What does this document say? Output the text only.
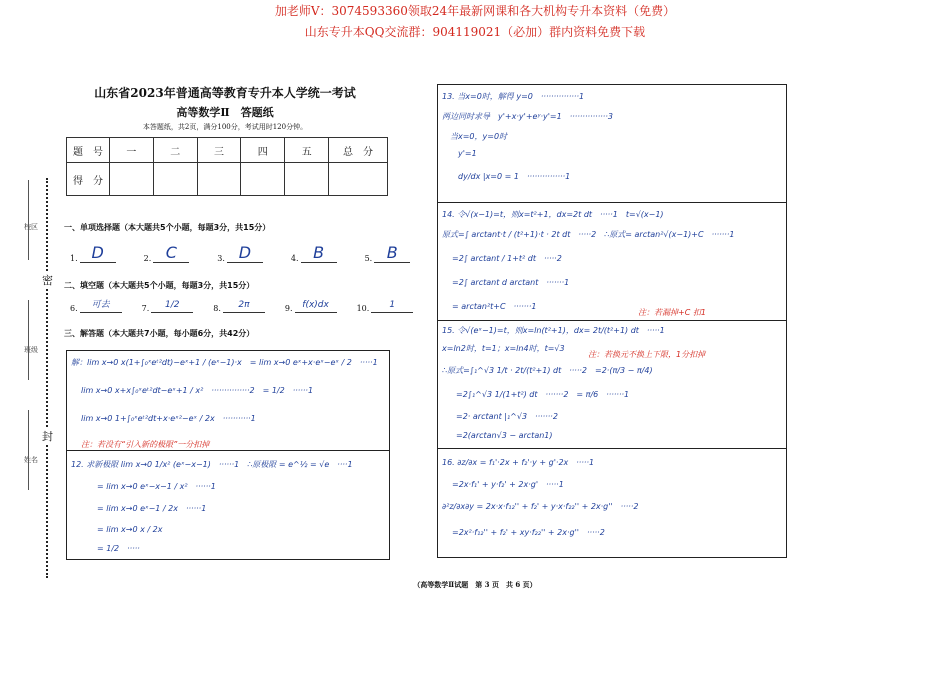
加老师V：3074593360领取24年最新网课和各大机构专升本资料（免费）
山东专升本QQ交流群：904119021（必加）群内资料免费下载
校区
班级
姓名
密
封
山东省2023年普通高等教育专升本人学统一考试
高等数学Ⅱ　答题纸
本答题纸，共2页，满分100分，考试用时120分钟。
题　号	一	二	三	四	五	总　分
得　分						
一、单项选择题（本大题共5个小题，每题3分，共15分）
1. D	2. C	3. D	4. B	5. B
二、填空题（本大题共5个小题，每题3分，共15分）
6.	可去	7.	1/2	8.	2π	9.	f(x)dx	10.	1
三、解答题（本大题共7小题，每小题6分，共42分）
解：lim x→0 x(1+∫₀ˣeᵗ²dt)−eˣ+1 / (eˣ−1)·x　= lim x→0 eˣ+x·eˣ−eˣ / 2　·····1
lim x→0 x+x∫₀ˣeᵗ²dt−eˣ+1 / x²　···············2　= 1/2　······1
lim x→0 1+∫₀ˣeᵗ²dt+x·eˣ²−eˣ / 2x　···········1
注：若没有“引入新的极限”一分扣掉
12. 求新极限 lim x→0 1/x² (eˣ−x−1)　······1　∴原极限 = e^½ = √e　····1
= lim x→0 eˣ−x−1 / x²　······1
= lim x→0 eˣ−1 / 2x　······1
= lim x→0 x / 2x
= 1/2　·····
13. 当x=0时，解得 y=0　···············1
两边同时求导　y'+x·y'+eʸ·y'=1　···············3
当x=0，y=0时
y'=1
dy/dx |x=0 = 1　···············1
14. 令√(x−1)=t，则x=t²+1，dx=2t dt　·····1　t=√(x−1)
原式=∫ arctant·t / (t²+1)·t · 2t dt　·····2　∴原式= arctan²√(x−1)+C　·······1
=2∫ arctant / 1+t² dt　·····2
=2∫ arctant d arctant　·······1
= arctan²t+C　·······1
注：若漏掉+C 扣1
15. 令√(eˣ−1)=t，则x=ln(t²+1)，dx= 2t/(t²+1) dt　·····1
注：若换元不换上下限，1分扣掉
x=ln2时，t=1；x=ln4时，t=√3
∴原式=∫₁^√3 1/t · 2t/(t²+1) dt　·····2　=2·(π/3 − π/4)
=2∫₁^√3 1/(1+t²) dt　·······2　= π/6　·······1
=2· arctant |₁^√3　·······2
=2(arctan√3 − arctan1)
16. ∂z/∂x = f₁'·2x + f₂'·y + g'·2x　·····1
=2x·f₁' + y·f₂' + 2x·g'　·····1
∂²z/∂x∂y = 2x·x·f₁₂'' + f₂' + y·x·f₂₂'' + 2x·g''　·····2
=2x²·f₁₂'' + f₂' + xy·f₂₂'' + 2x·g''　·····2
（高等数学Ⅱ试题　第 3 页　共 6 页）
